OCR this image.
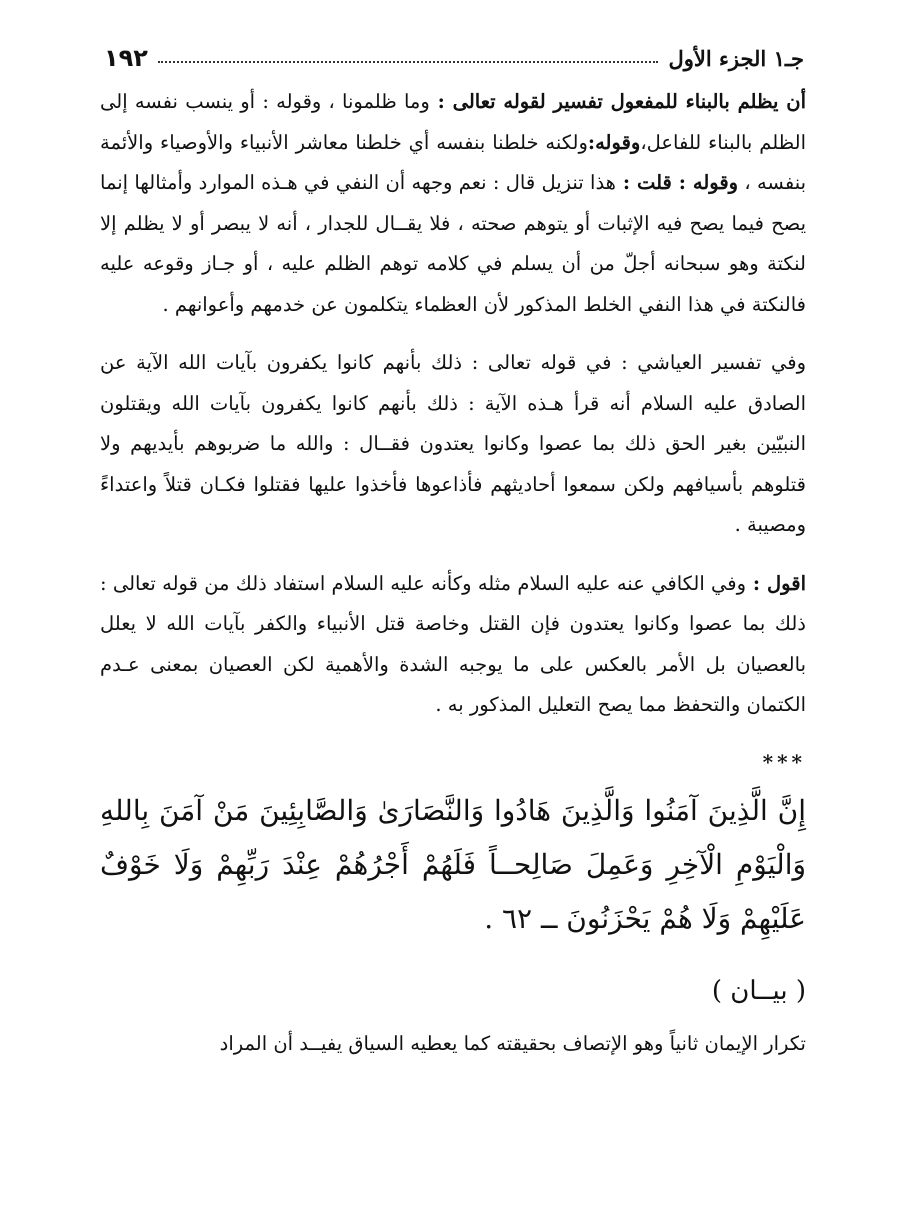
جـ١ الجزء الأول
١٩٢

أن يظلم بالبناء للمفعول تفسير لقوله تعالى : وما ظلمونا ، وقوله : أو ينسب نفسه إلى الظلم بالبناء للفاعل،وقوله:ولكنه خلطنا بنفسه أي خلطنا معاشر الأنبياء والأوصياء والأئمة بنفسه ، وقوله : قلت : هذا تنزيل قال : نعم وجهه أن النفي في هـذه الموارد وأمثالها إنما يصح فيما يصح فيه الإثبات أو يتوهم صحته ، فلا يقــال للجدار ، أنه لا يبصر أو لا يظلم إلا لنكتة وهو سبحانه أجلّ من أن يسلم في كلامه توهم الظلم عليه ، أو جـاز وقوعه عليه فالنكتة في هذا النفي الخلط المذكور لأن العظماء يتكلمون عن خدمهم وأعوانهم .

وفي تفسير العياشي : في قوله تعالى : ذلك بأنهم كانوا يكفرون بآيات الله الآية عن الصادق عليه السلام أنه قرأ هـذه الآية : ذلك بأنهم كانوا يكفرون بآيات الله ويقتلون النبيّين بغير الحق ذلك بما عصوا وكانوا يعتدون فقــال : والله ما ضربوهم بأيديهم ولا قتلوهم بأسيافهم ولكن سمعوا أحاديثهم فأذاعوها فأخذوا عليها فقتلوا فكـان قتلاً واعتداءً ومصيبة .

اقول : وفي الكافي عنه عليه السلام مثله وكأنه عليه السلام استفاد ذلك من قوله تعالى : ذلك بما عصوا وكانوا يعتدون فإن القتل وخاصة قتل الأنبياء والكفر بآيات الله لا يعلل بالعصيان بل الأمر بالعكس على ما يوجبه الشدة والأهمية لكن العصيان بمعنى عـدم الكتمان والتحفظ مما يصح التعليل المذكور به .

***

إِنَّ الَّذِينَ آمَنُوا وَالَّذِينَ هَادُوا وَالنَّصَارَىٰ وَالصَّابِئِينَ مَنْ آمَنَ بِاللهِ وَالْيَوْمِ الْآخِرِ وَعَمِلَ صَالِحــاً فَلَهُمْ أَجْرُهُمْ عِنْدَ رَبِّهِمْ وَلَا خَوْفٌ عَلَيْهِمْ وَلَا هُمْ يَحْزَنُونَ ــ ٦٢ .

( بيــان )

تكرار الإيمان ثانياً وهو الإتصاف بحقيقته كما يعطيه السياق يفيــد أن المراد
